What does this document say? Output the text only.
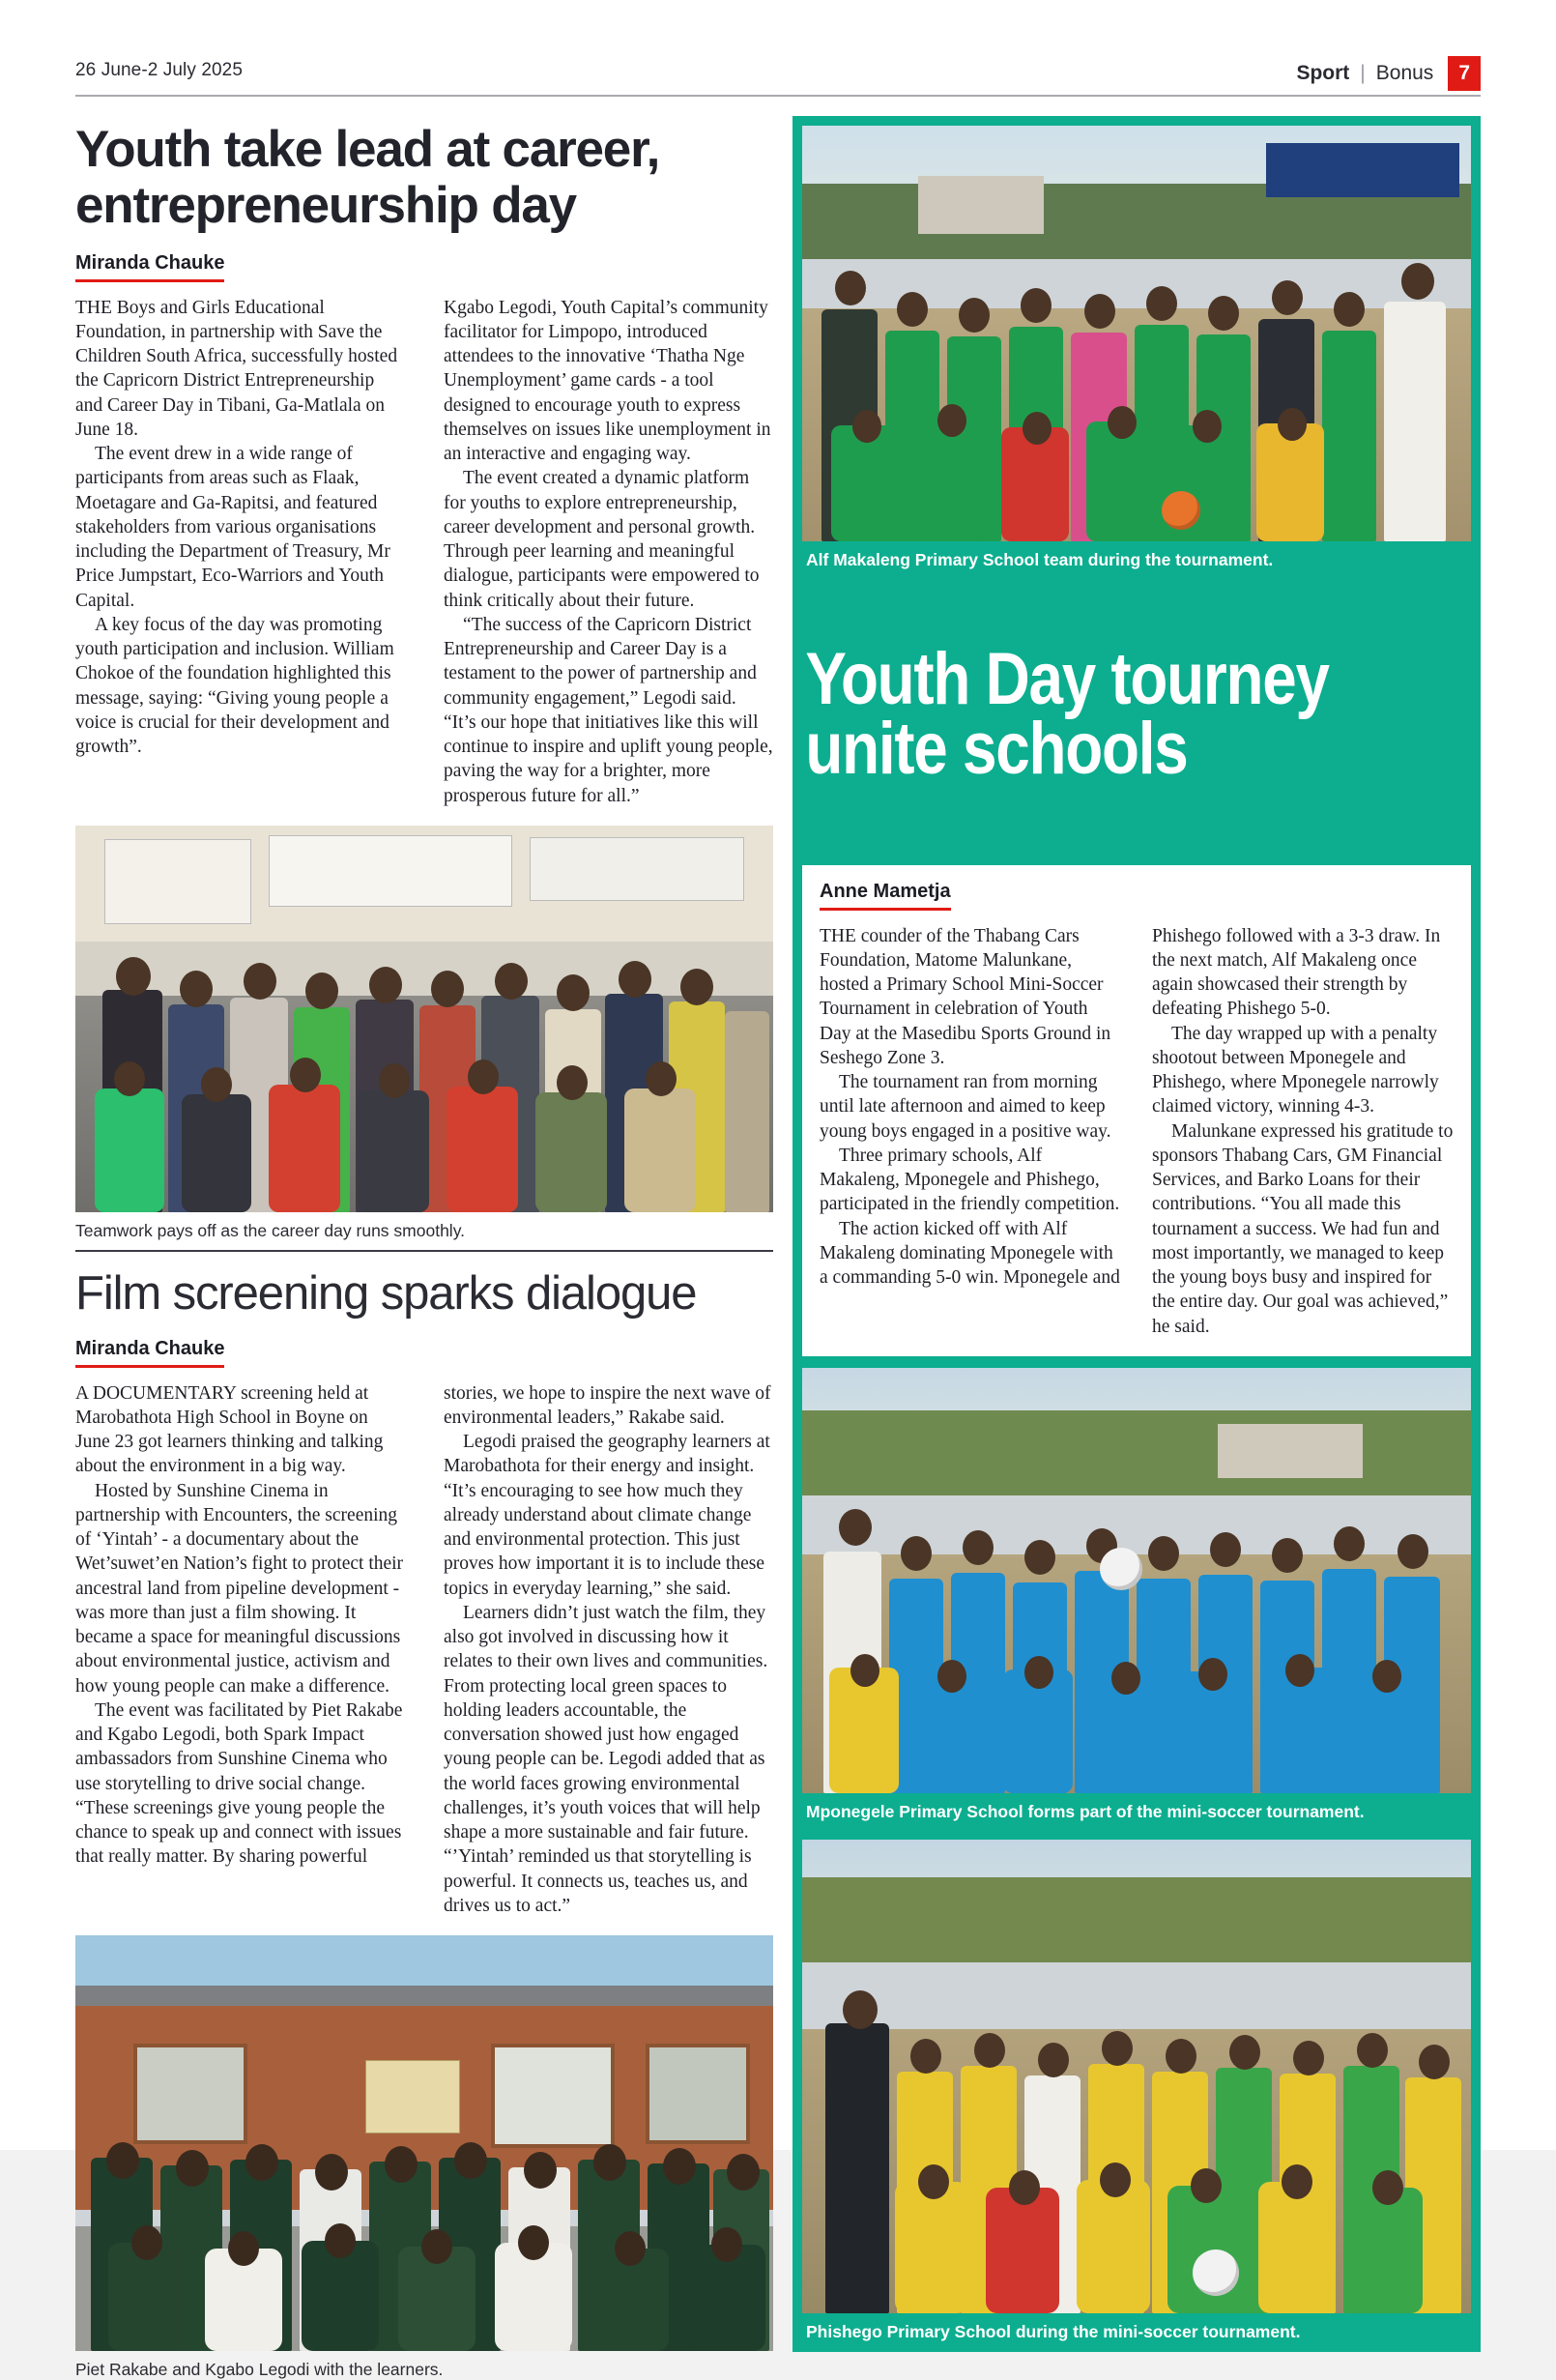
26 June-2 July 2025	Sport | Bonus	7
Youth take lead at career, entrepreneurship day
Miranda Chauke

THE Boys and Girls Educational Foundation, in partnership with Save the Children South Africa, successfully hosted the Capricorn District Entrepreneurship and Career Day in Tibani, Ga-Matlala on June 18.

The event drew in a wide range of participants from areas such as Flaak, Moetagare and Ga-Rapitsi, and featured stakeholders from various organisations including the Department of Treasury, Mr Price Jumpstart, Eco-Warriors and Youth Capital.

A key focus of the day was promoting youth participation and inclusion. William Chokoe of the foundation highlighted this message, saying: “Giving young people a voice is crucial for their development and growth”.

Kgabo Legodi, Youth Capital’s community facilitator for Limpopo, introduced attendees to the innovative ‘Thatha Nge Unemployment’ game cards - a tool designed to encourage youth to express themselves on issues like unemployment in an interactive and engaging way.

The event created a dynamic platform for youths to explore entrepreneurship, career development and personal growth. Through peer learning and meaningful dialogue, participants were empowered to think critically about their future.

“The success of the Capricorn District Entrepreneurship and Career Day is a testament to the power of partnership and community engagement,” Legodi said. “It’s our hope that initiatives like this will continue to inspire and uplift young people, paving the way for a brighter, more prosperous future for all.”

Teamwork pays off as the career day runs smoothly.
Film screening sparks dialogue
Miranda Chauke

A DOCUMENTARY screening held at Marobathota High School in Boyne on June 23 got learners thinking and talking about the environment in a big way.

Hosted by Sunshine Cinema in partnership with Encounters, the screening of ‘Yintah’ - a documentary about the Wet’suwet’en Nation’s fight to protect their ancestral land from pipeline development - was more than just a film showing. It became a space for meaningful discussions about environmental justice, activism and how young people can make a difference.

The event was facilitated by Piet Rakabe and Kgabo Legodi, both Spark Impact ambassadors from Sunshine Cinema who use storytelling to drive social change. “These screenings give young people the chance to speak up and connect with issues that really matter. By sharing powerful

stories, we hope to inspire the next wave of environmental leaders,” Rakabe said.

Legodi praised the geography learners at Marobathota for their energy and insight. “It’s encouraging to see how much they already understand about climate change and environmental protection. This just proves how important it is to include these topics in everyday learning,” she said.

Learners didn’t just watch the film, they also got involved in discussing how it relates to their own lives and communities. From protecting local green spaces to holding leaders accountable, the conversation showed just how engaged young people can be. Legodi added that as the world faces growing environmental challenges, it’s youth voices that will help shape a more sustainable and fair future. “’Yintah’ reminded us that storytelling is powerful. It connects us, teaches us, and drives us to act.”

Piet Rakabe and Kgabo Legodi with the learners.
Alf Makaleng Primary School team during the tournament.
Youth Day tourney unite schools
Anne Mametja

THE counder of the Thabang Cars Foundation, Matome Malunkane, hosted a Primary School Mini-Soccer Tournament in celebration of Youth Day at the Masedibu Sports Ground in Seshego Zone 3.

The tournament ran from morning until late afternoon and aimed to keep young boys engaged in a positive way.

Three primary schools, Alf Makaleng, Mponegele and Phishego, participated in the friendly competition.

The action kicked off with Alf Makaleng dominating Mponegele with a commanding 5-0 win. Mponegele and

Phishego followed with a 3-3 draw. In the next match, Alf Makaleng once again showcased their strength by defeating Phishego 5-0.

The day wrapped up with a penalty shootout between Mponegele and Phishego, where Mponegele narrowly claimed victory, winning 4-3.

Malunkane expressed his gratitude to sponsors Thabang Cars, GM Financial Services, and Barko Loans for their contributions. “You all made this tournament a success. We had fun and most importantly, we managed to keep the young boys busy and inspired for the entire day. Our goal was achieved,” he said.

Mponegele Primary School forms part of the mini-soccer tournament.
Phishego Primary School during the mini-soccer tournament.
